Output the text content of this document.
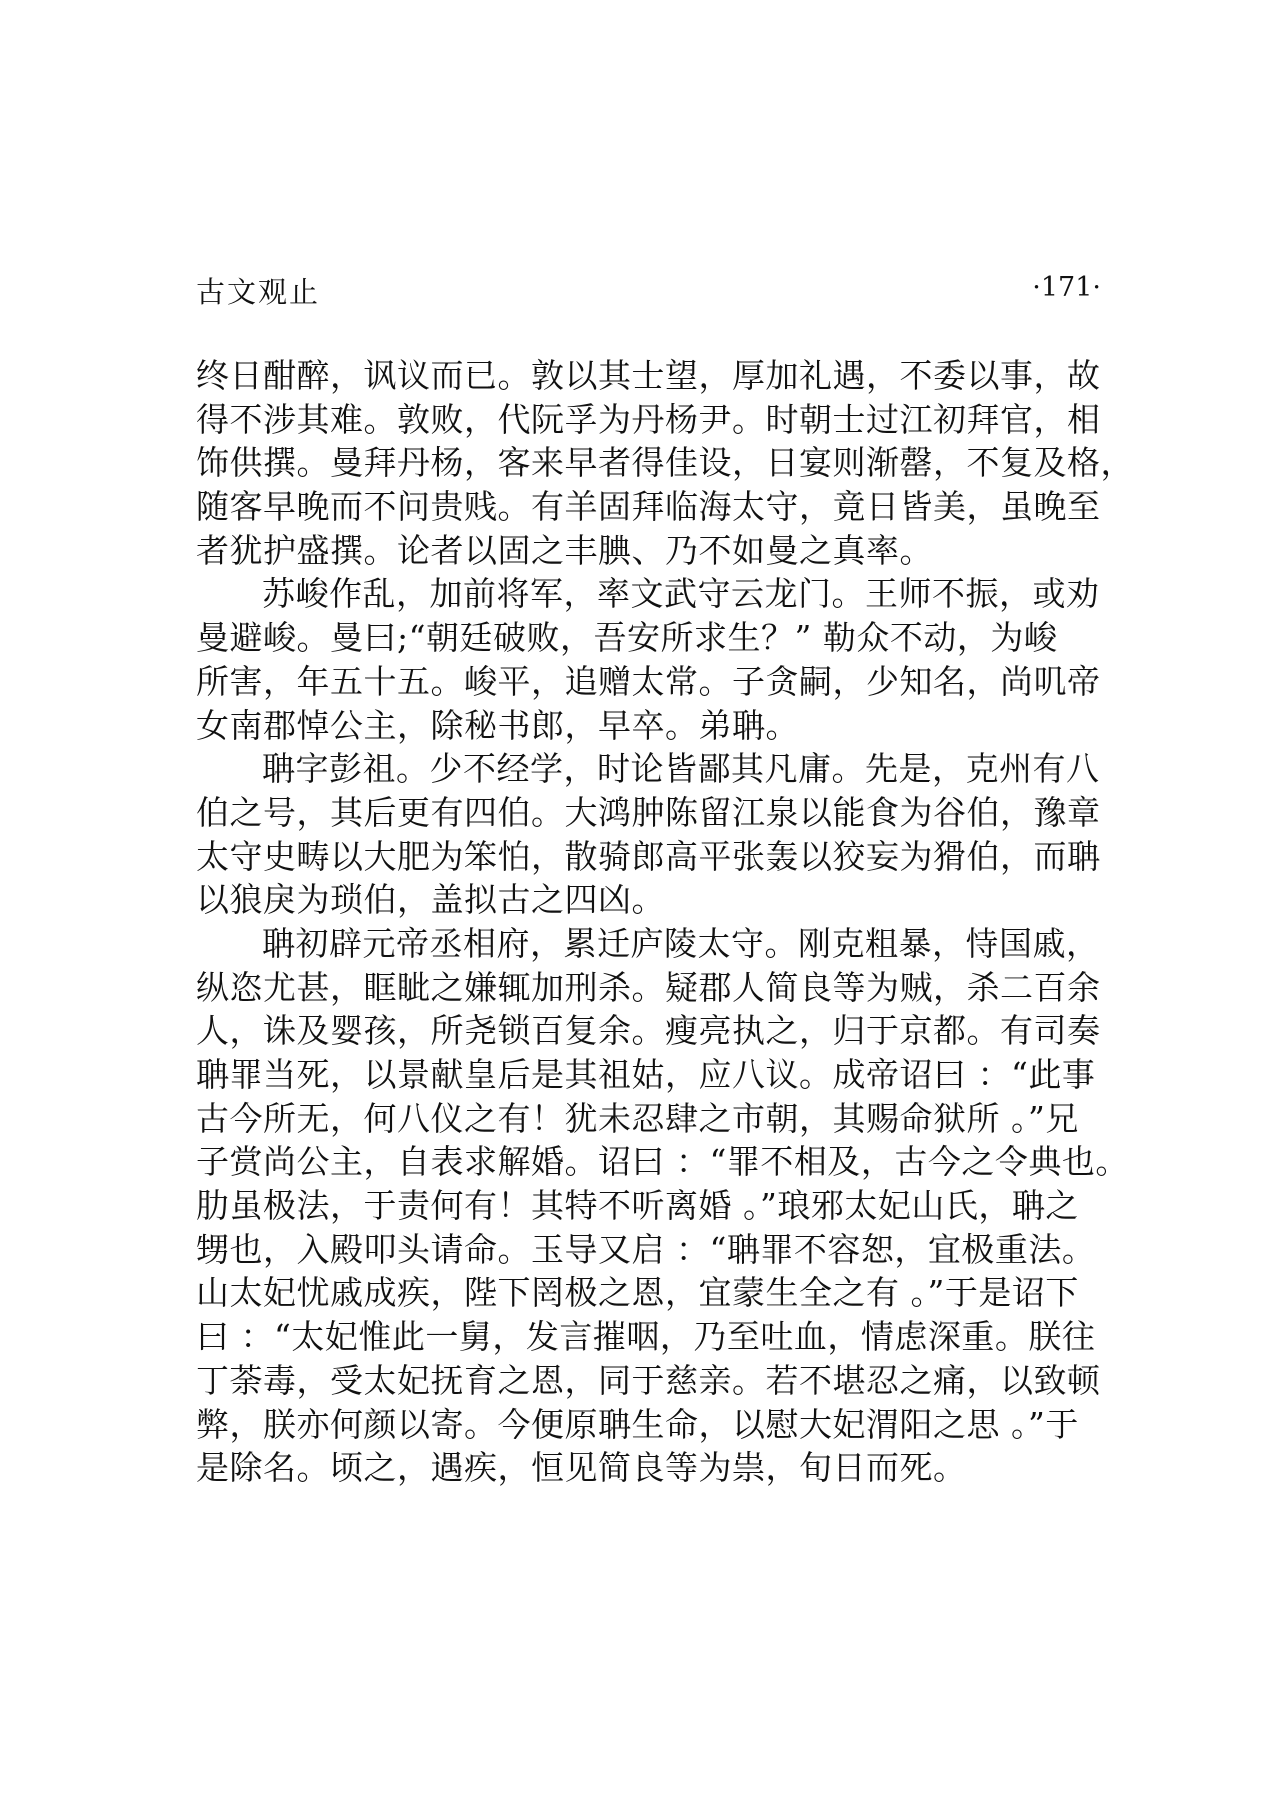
古文观止	·171·
终日酣醉，讽议而已。敦以其士望，厚加礼遇，不委以事，故
得不涉其难。敦败，代阮孚为丹杨尹。时朝士过江初拜官，相
饰供撰。曼拜丹杨，客来早者得佳设，日宴则渐罄，不复及格，
随客早晚而不问贵贱。有羊固拜临海太守，竟日皆美，虽晚至
者犹护盛撰。论者以固之丰腆、乃不如曼之真率。
苏峻作乱，加前将军，率文武守云龙门。王师不振，或劝
曼避峻。曼曰;“朝廷破败，吾安所求生？” 勒众不动，为峻
所害，年五十五。峻平，追赠太常。子贪嗣，少知名，尚叽帝
女南郡悼公主，除秘书郎，早卒。弟聃。
聃字彭祖。少不经学，时论皆鄙其凡庸。先是，克州有八
伯之号，其后更有四伯。大鸿肿陈留江泉以能食为谷伯，豫章
太守史畴以大肥为笨怕，散骑郎高平张轰以狡妄为猾伯，而聃
以狼戾为琐伯，盖拟古之四凶。
聃初辟元帝丞相府，累迁庐陵太守。刚克粗暴，恃国戚，
纵恣尤甚，眶眦之嫌辄加刑杀。疑郡人简良等为贼，杀二百余
人，诛及婴孩，所尧锁百复余。瘦亮执之，归于京都。有司奏
聃罪当死，以景献皇后是其祖姑，应八议。成帝诏曰 ：“此事
古今所无，何八仪之有！犹未忍肆之市朝，其赐命狱所 。”兄
子赏尚公主，自表求解婚。诏曰 ：“罪不相及，古今之令典也。
肋虽极法，于责何有！其特不听离婚 。”琅邪太妃山氏，聃之
甥也，入殿叩头请命。玉导又启 ：“聃罪不容恕，宜极重法。
山太妃忧戚成疾，陛下罔极之恩，宜蒙生全之有 。”于是诏下
曰 ：“太妃惟此一舅，发言摧咽，乃至吐血，情虑深重。朕往
丁荼毒，受太妃抚育之恩，同于慈亲。若不堪忍之痛，以致顿
弊，朕亦何颜以寄。今便原聃生命，以慰大妃渭阳之思 。”于
是除名。顷之，遇疾，恒见简良等为祟，旬日而死。
